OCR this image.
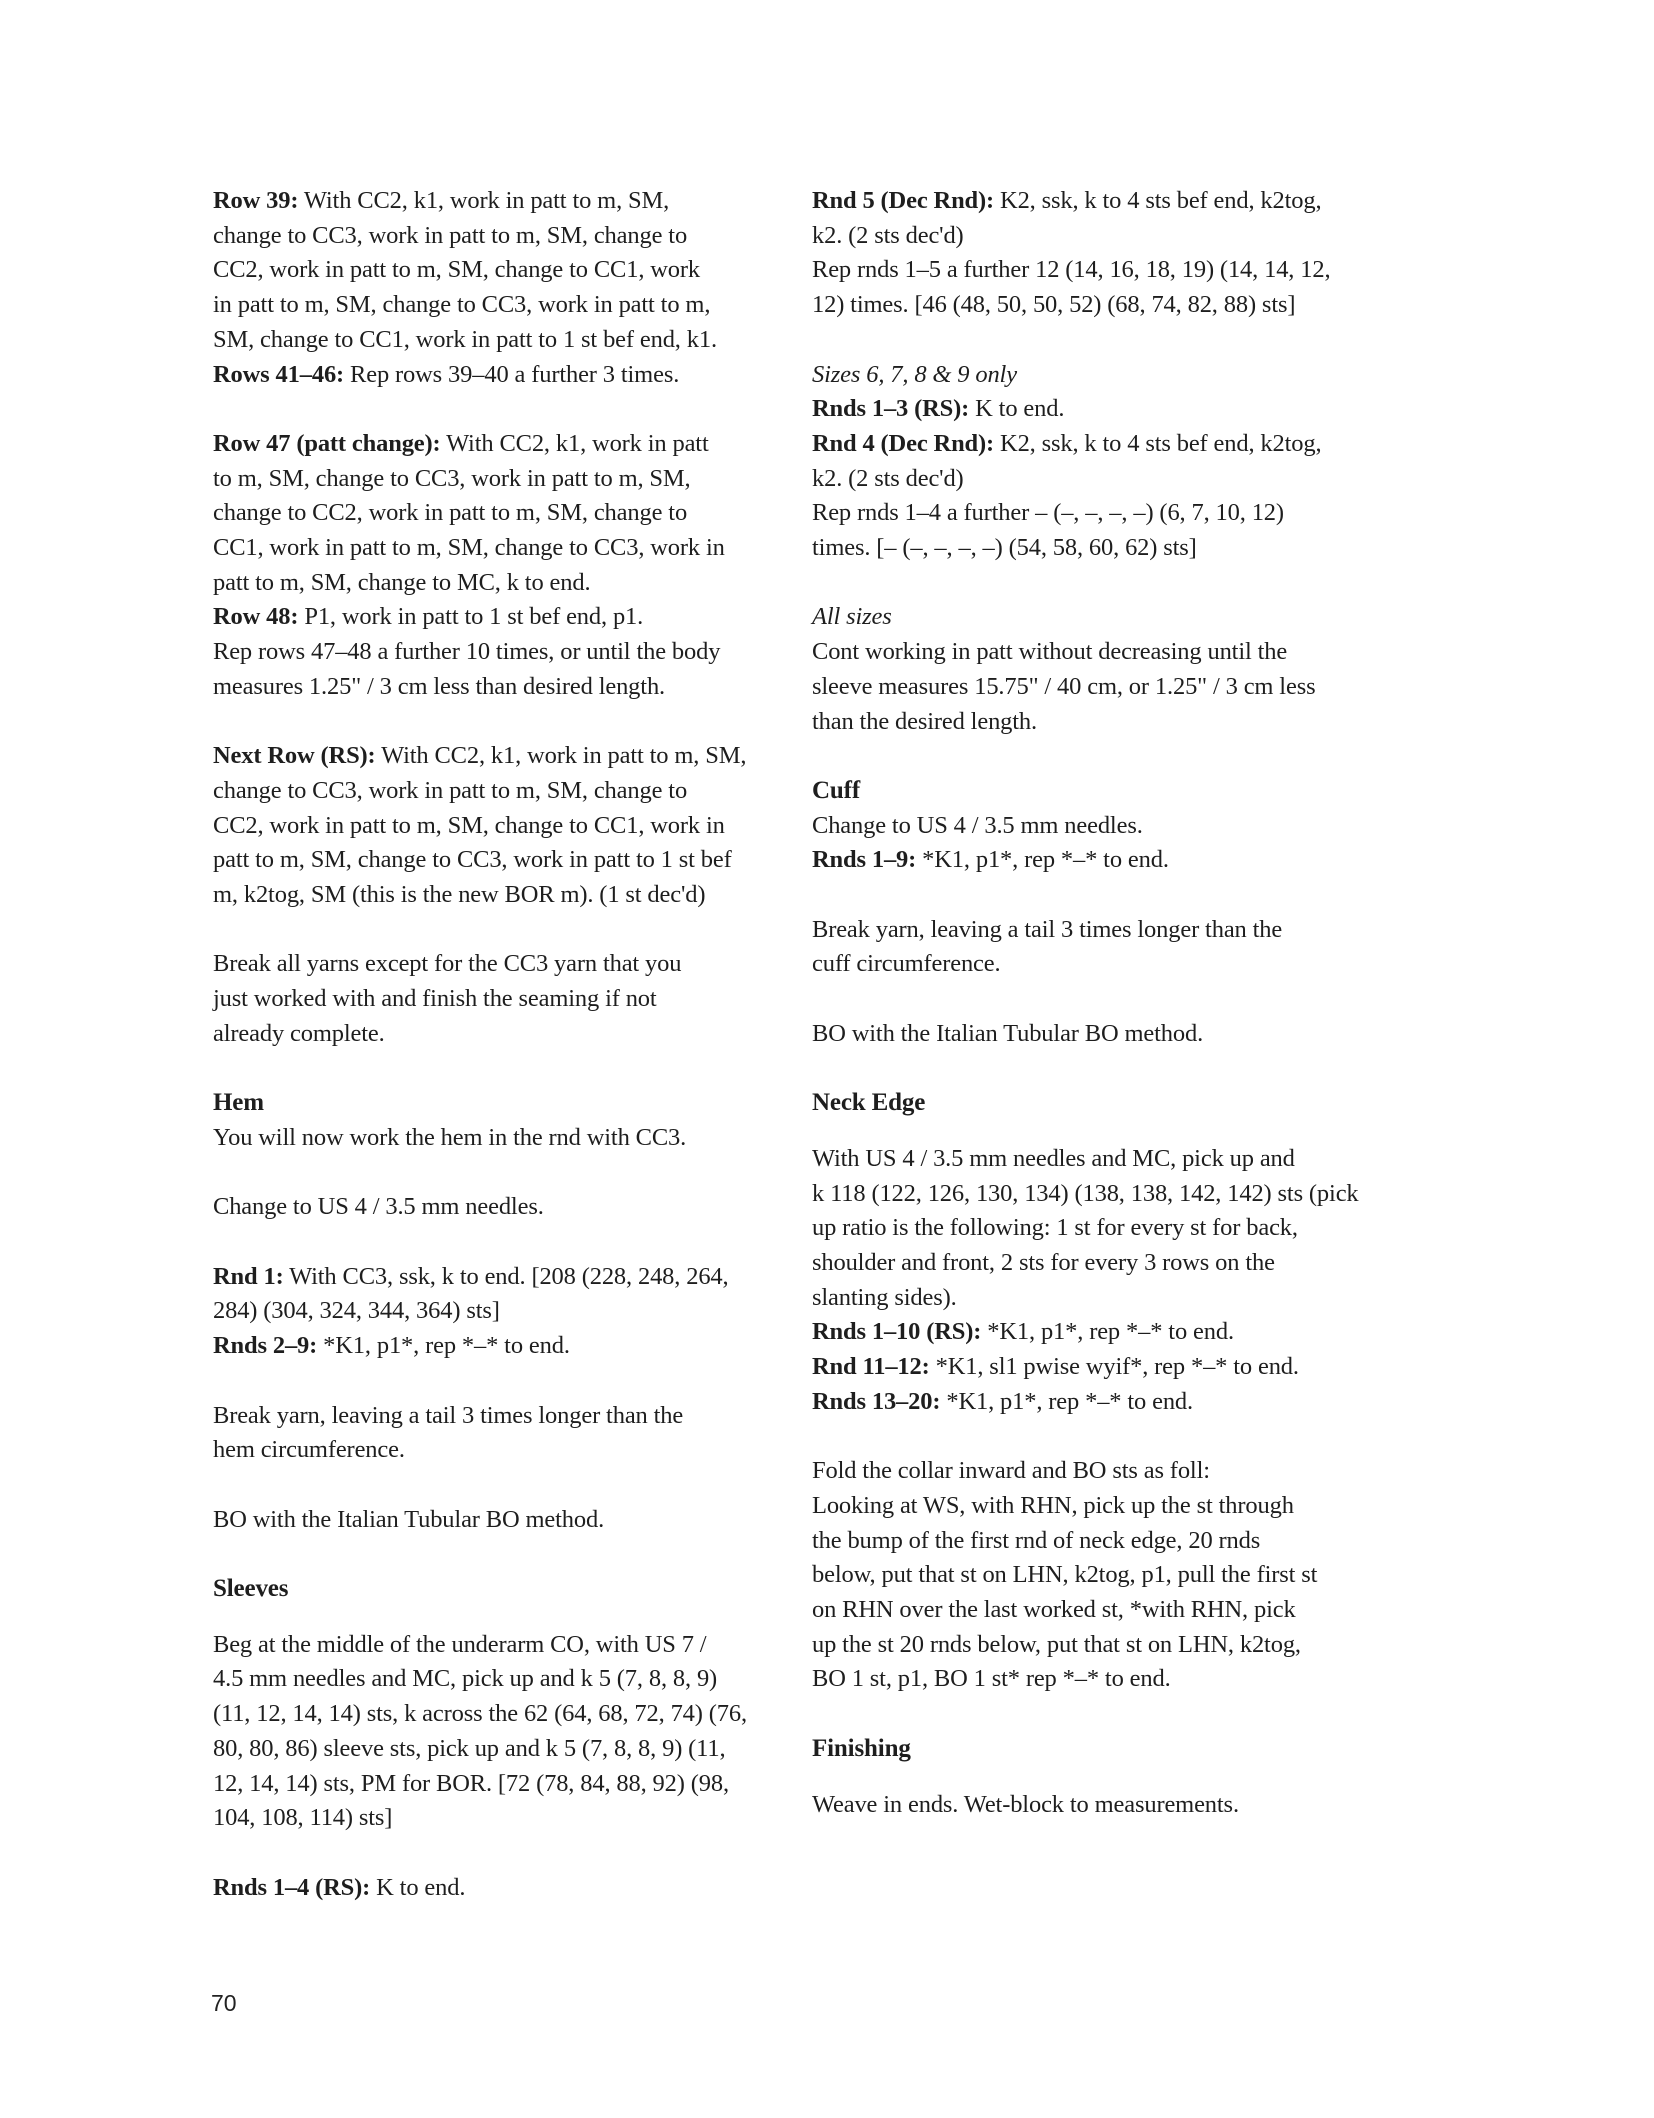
Row 39: With CC2, k1, work in patt to m, SM,
change to CC3, work in patt to m, SM, change to
CC2, work in patt to m, SM, change to CC1, work
in patt to m, SM, change to CC3, work in patt to m,
SM, change to CC1, work in patt to 1 st bef end, k1.
Rows 41–46: Rep rows 39–40 a further 3 times.
Row 47 (patt change): With CC2, k1, work in patt
to m, SM, change to CC3, work in patt to m, SM,
change to CC2, work in patt to m, SM, change to
CC1, work in patt to m, SM, change to CC3, work in
patt to m, SM, change to MC, k to end.
Row 48: P1, work in patt to 1 st bef end, p1.
Rep rows 47–48 a further 10 times, or until the body
measures 1.25" / 3 cm less than desired length.
Next Row (RS): With CC2, k1, work in patt to m, SM,
change to CC3, work in patt to m, SM, change to
CC2, work in patt to m, SM, change to CC1, work in
patt to m, SM, change to CC3, work in patt to 1 st bef
m, k2tog, SM (this is the new BOR m). (1 st dec'd)
Break all yarns except for the CC3 yarn that you
just worked with and finish the seaming if not
already complete.
Hem
You will now work the hem in the rnd with CC3.
Change to US 4 / 3.5 mm needles.
Rnd 1: With CC3, ssk, k to end. [208 (228, 248, 264,
284) (304, 324, 344, 364) sts]
Rnds 2–9: *K1, p1*, rep *–* to end.
Break yarn, leaving a tail 3 times longer than the
hem circumference.
BO with the Italian Tubular BO method.
Sleeves
Beg at the middle of the underarm CO, with US 7 /
4.5 mm needles and MC, pick up and k 5 (7, 8, 8, 9)
(11, 12, 14, 14) sts, k across the 62 (64, 68, 72, 74) (76,
80, 80, 86) sleeve sts, pick up and k 5 (7, 8, 8, 9) (11,
12, 14, 14) sts, PM for BOR. [72 (78, 84, 88, 92) (98,
104, 108, 114) sts]
Rnds 1–4 (RS): K to end.
Rnd 5 (Dec Rnd): K2, ssk, k to 4 sts bef end, k2tog,
k2. (2 sts dec'd)
Rep rnds 1–5 a further 12 (14, 16, 18, 19) (14, 14, 12,
12) times. [46 (48, 50, 50, 52) (68, 74, 82, 88) sts]
Sizes 6, 7, 8 & 9 only
Rnds 1–3 (RS): K to end.
Rnd 4 (Dec Rnd): K2, ssk, k to 4 sts bef end, k2tog,
k2. (2 sts dec'd)
Rep rnds 1–4 a further – (–, –, –, –) (6, 7, 10, 12)
times. [– (–, –, –, –) (54, 58, 60, 62) sts]
All sizes
Cont working in patt without decreasing until the
sleeve measures 15.75" / 40 cm, or 1.25" / 3 cm less
than the desired length.
Cuff
Change to US 4 / 3.5 mm needles.
Rnds 1–9: *K1, p1*, rep *–* to end.
Break yarn, leaving a tail 3 times longer than the
cuff circumference.
BO with the Italian Tubular BO method.
Neck Edge
With US 4 / 3.5 mm needles and MC, pick up and
k 118 (122, 126, 130, 134) (138, 138, 142, 142) sts (pick
up ratio is the following: 1 st for every st for back,
shoulder and front, 2 sts for every 3 rows on the
slanting sides).
Rnds 1–10 (RS): *K1, p1*, rep *–* to end.
Rnd 11–12: *K1, sl1 pwise wyif*, rep *–* to end.
Rnds 13–20: *K1, p1*, rep *–* to end.
Fold the collar inward and BO sts as foll:
Looking at WS, with RHN, pick up the st through
the bump of the first rnd of neck edge, 20 rnds
below, put that st on LHN, k2tog, p1, pull the first st
on RHN over the last worked st, *with RHN, pick
up the st 20 rnds below, put that st on LHN, k2tog,
BO 1 st, p1, BO 1 st* rep *–* to end.
Finishing
Weave in ends. Wet-block to measurements.
70
